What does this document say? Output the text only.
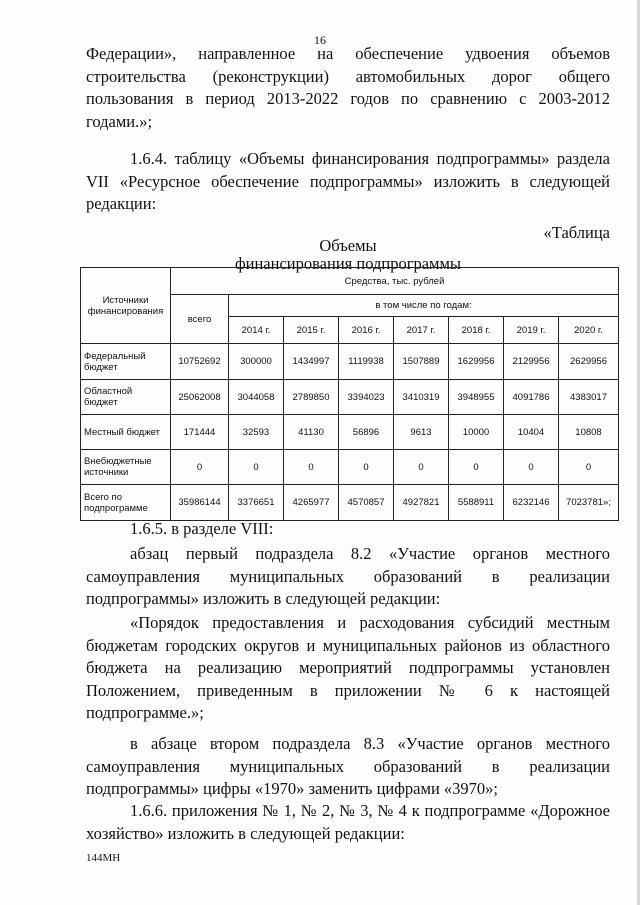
16

Федерации», направленное на обеспечение удвоения объемов
строительства (реконструкции) автомобильных дорог общего
пользования в период 2013-2022 годов по сравнению с 2003-2012
годами.»;

1.6.4. таблицу «Объемы финансирования подпрограммы» раздела
VII «Ресурсное обеспечение подпрограммы» изложить в следующей
редакции:

«Таблица
Объемы
финансирования подпрограммы
Источники финансирования	Средства, тыс. рублей							
	всего	в том числе по годам:						
		2014 г.	2015 г.	2016 г.	2017 г.	2018 г.	2019 г.	2020 г.
Федеральный бюджет	10752692	300000	1434997	1119938	1507889	1629956	2129956	2629956
Областной бюджет	25062008	3044058	2789850	3394023	3410319	3948955	4091786	4383017
Местный бюджет	171444	32593	41130	56896	9613	10000	10404	10808
Внебюджетные источники	0	0	0	0	0	0	0	0
Всего по подпрограмме	35986144	3376651	4265977	4570857	4927821	5588911	6232146	7023781»;

1.6.5. в разделе VIII:

абзац первый подраздела 8.2 «Участие органов местного
самоуправления муниципальных образований в реализации
подпрограммы» изложить в следующей редакции:

«Порядок предоставления и расходования субсидий местным
бюджетам городских округов и муниципальных районов из областного
бюджета на реализацию мероприятий подпрограммы установлен
Положением, приведенным в приложении № 6 к настоящей
подпрограмме.»;

в абзаце втором подраздела 8.3 «Участие органов местного
самоуправления муниципальных образований в реализации
подпрограммы» цифры «1970» заменить цифрами «3970»;

1.6.6. приложения № 1, № 2, № 3, № 4 к подпрограмме «Дорожное
хозяйство» изложить в следующей редакции:

144МН
